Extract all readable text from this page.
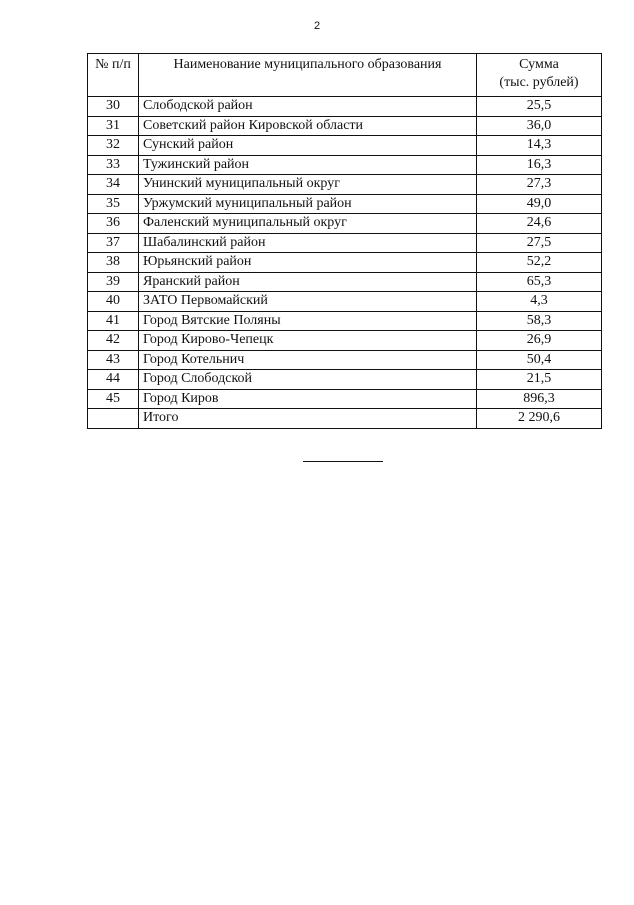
2
№ п/п	Наименование муниципального образования	Сумма
(тыс. рублей)

30	Слободской район	25,5
31	Советский район Кировской области	36,0
32	Сунский район	14,3
33	Тужинский район	16,3
34	Унинский муниципальный округ	27,3
35	Уржумский муниципальный район	49,0
36	Фаленский муниципальный округ	24,6
37	Шабалинский район	27,5
38	Юрьянский район	52,2
39	Яранский район	65,3
40	ЗАТО Первомайский	4,3
41	Город Вятские Поляны	58,3
42	Город Кирово-Чепецк	26,9
43	Город Котельнич	50,4
44	Город Слободской	21,5
45	Город Киров	896,3
	Итого	2 290,6
